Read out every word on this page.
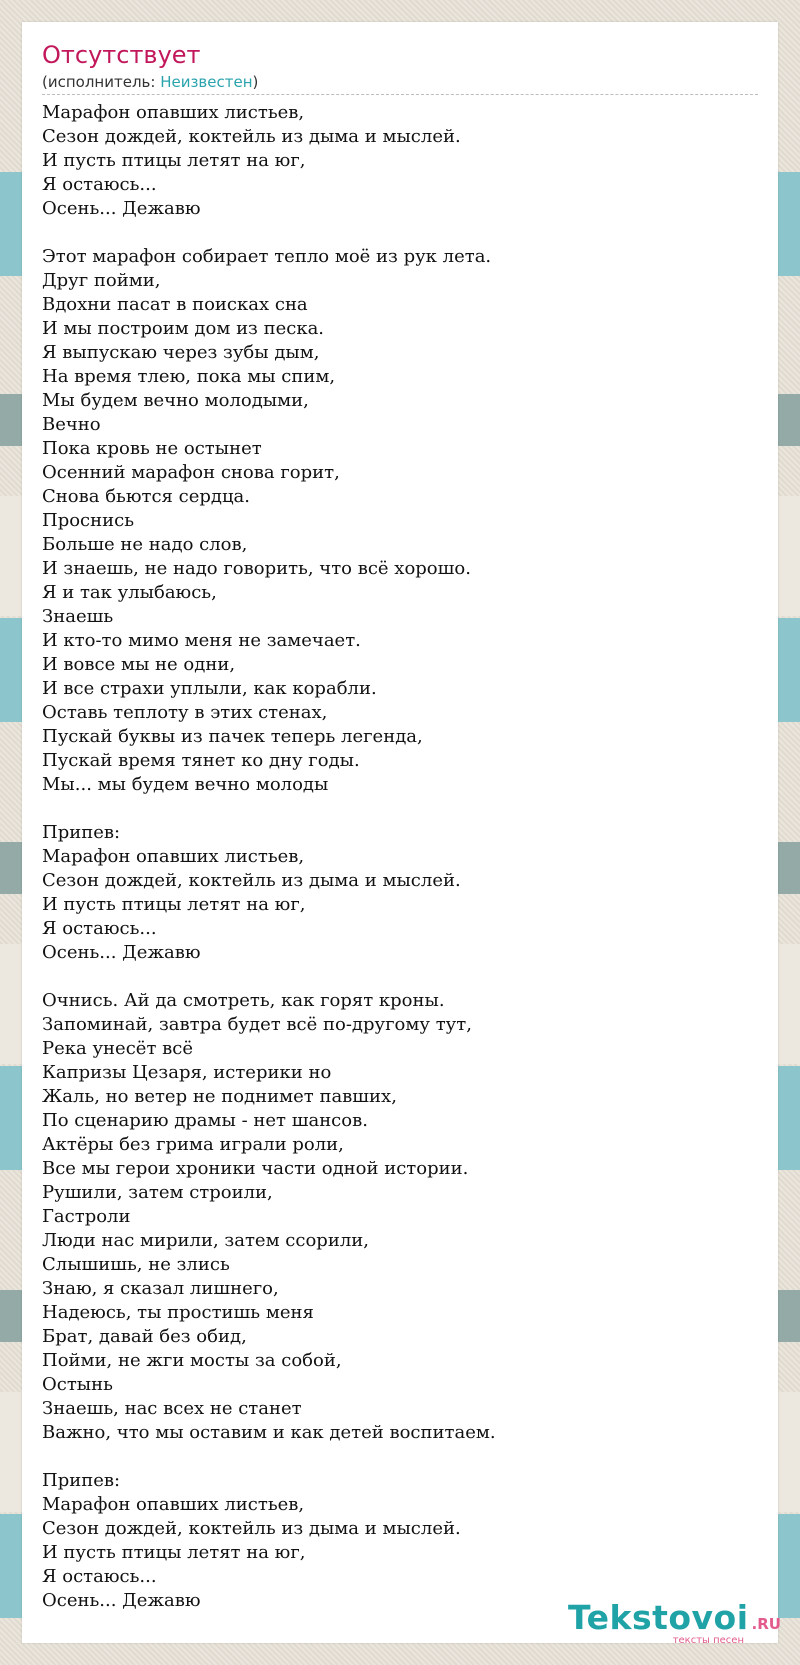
Отсутствует
(исполнитель: Неизвестен)
Марафон опавших листьев,
Сезон дождей, коктейль из дыма и мыслей.
И пусть птицы летят на юг,
Я остаюсь...
Осень... Дежавю

Этот марафон собирает тепло моё из рук лета.
Друг пойми,
Вдохни пасат в поисках сна
И мы построим дом из песка.
Я выпускаю через зубы дым,
На время тлею, пока мы спим,
Мы будем вечно молодыми,
Вечно
Пока кровь не остынет
Осенний марафон снова горит,
Снова бьются сердца.
Проснись
Больше не надо слов,
И знаешь, не надо говорить, что всё хорошо.
Я и так улыбаюсь,
Знаешь
И кто-то мимо меня не замечает.
И вовсе мы не одни,
И все страхи уплыли, как корабли.
Оставь теплоту в этих стенах,
Пускай буквы из пачек теперь легенда,
Пускай время тянет ко дну годы.
Мы... мы будем вечно молоды

Припев:
Марафон опавших листьев,
Сезон дождей, коктейль из дыма и мыслей.
И пусть птицы летят на юг,
Я остаюсь...
Осень... Дежавю

Очнись. Ай да смотреть, как горят кроны.
Запоминай, завтра будет всё по-другому тут,
Река унесёт всё
Капризы Цезаря, истерики но
Жаль, но ветер не поднимет павших,
По сценарию драмы - нет шансов.
Актёры без грима играли роли,
Все мы герои хроники части одной истории.
Рушили, затем строили,
Гастроли
Люди нас мирили, затем ссорили,
Слышишь, не злись
Знаю, я сказал лишнего,
Надеюсь, ты простишь меня
Брат, давай без обид,
Пойми, не жги мосты за собой,
Остынь
Знаешь, нас всех не станет
Важно, что мы оставим и как детей воспитаем.

Припев:
Марафон опавших листьев,
Сезон дождей, коктейль из дыма и мыслей.
И пусть птицы летят на юг,
Я остаюсь...
Осень... Дежавю	Tekstovoi .RU
тексты песен
